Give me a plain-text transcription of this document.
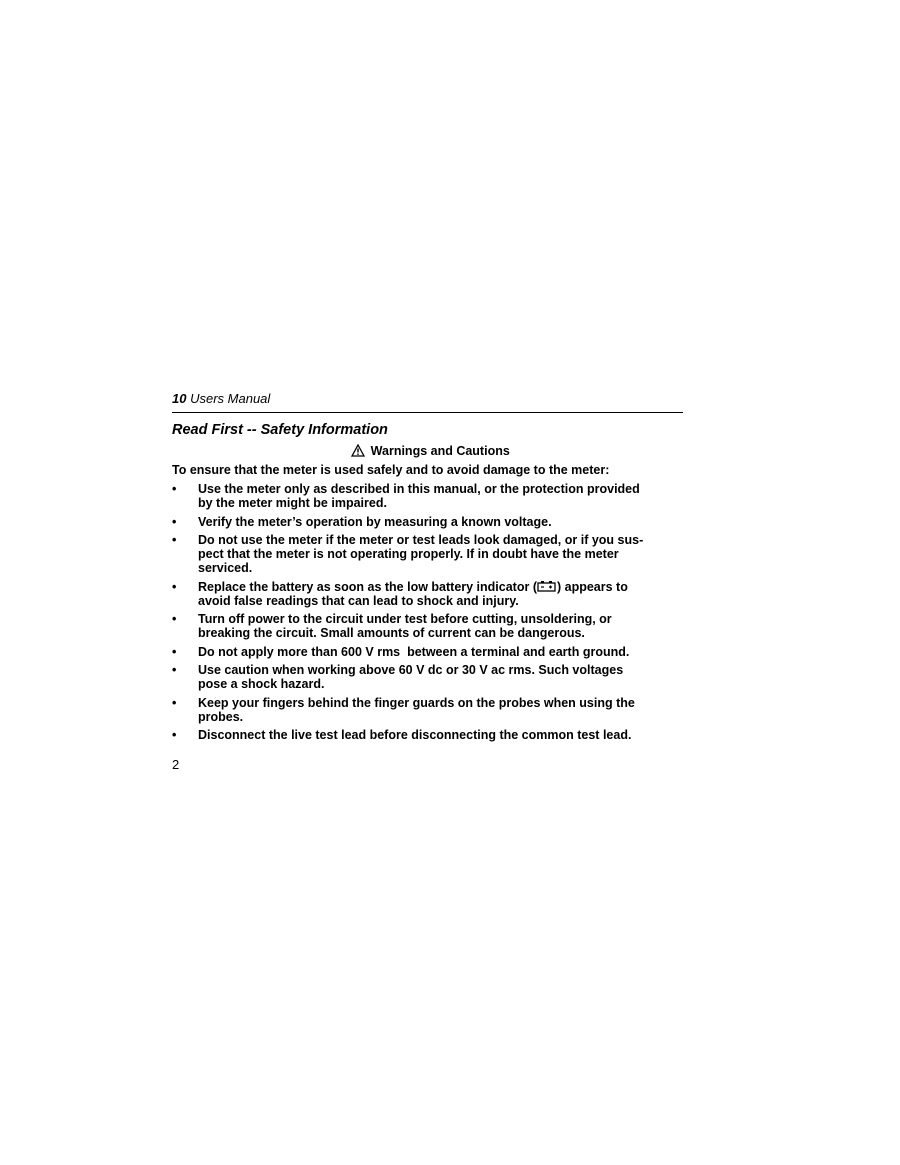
10 Users Manual
Read First -- Safety Information
Warnings and Cautions
To ensure that the meter is used safely and to avoid damage to the meter:
• Use the meter only as described in this manual, or the protection provided
by the meter might be impaired.
• Verify the meter’s operation by measuring a known voltage.
• Do not use the meter if the meter or test leads look damaged, or if you sus-
pect that the meter is not operating properly. If in doubt have the meter
serviced.
• Replace the battery as soon as the low battery indicator ( ) appears to
avoid false readings that can lead to shock and injury.
• Turn off power to the circuit under test before cutting, unsoldering, or
breaking the circuit. Small amounts of current can be dangerous.
• Do not apply more than 600 V rms  between a terminal and earth ground.
• Use caution when working above 60 V dc or 30 V ac rms. Such voltages
pose a shock hazard.
• Keep your fingers behind the finger guards on the probes when using the
probes.
• Disconnect the live test lead before disconnecting the common test lead.
2
